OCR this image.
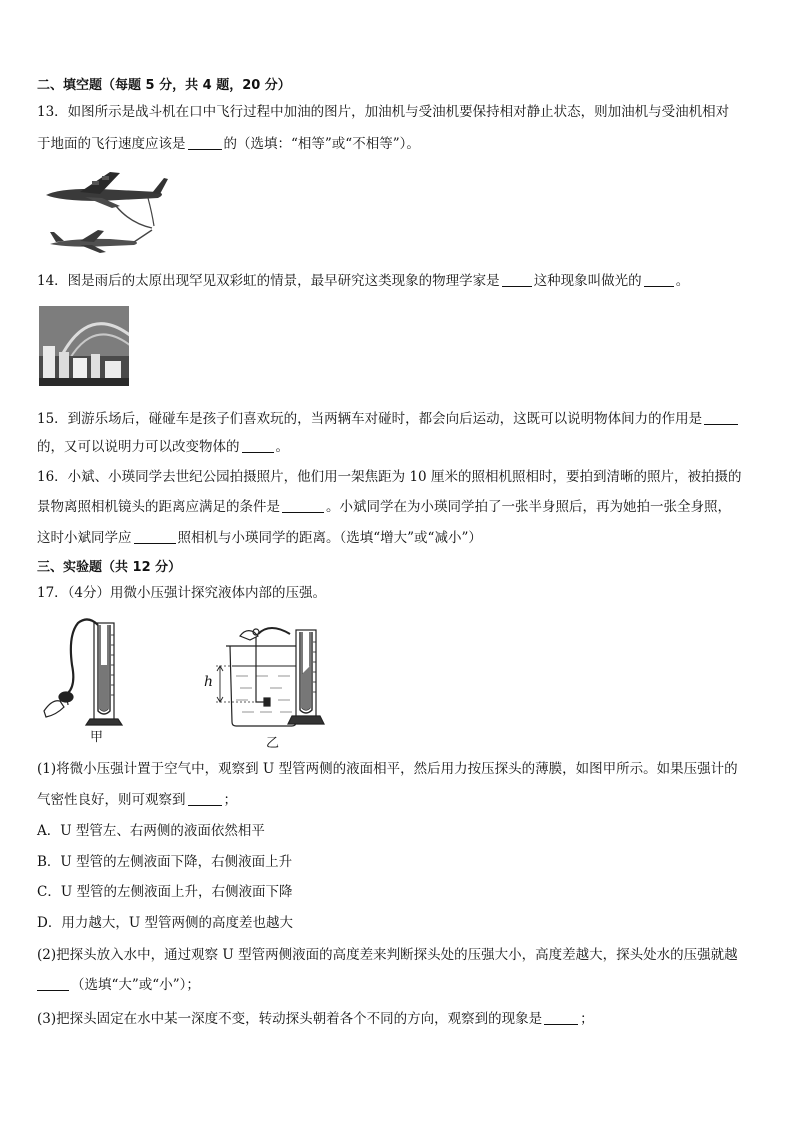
二、填空题（每题 5 分，共 4 题，20 分）
13．如图所示是战斗机在口中飞行过程中加油的图片，加油机与受油机要保持相对静止状态，则加油机与受油机相对
于地面的飞行速度应该是	的（选填：“相等”或“不相等”）。
14．图是雨后的太原出现罕见双彩虹的情景，最早研究这类现象的物理学家是	这种现象叫做光的	。
15．到游乐场后，碰碰车是孩子们喜欢玩的，当两辆车对碰时，都会向后运动，这既可以说明物体间力的作用是
的，又可以说明力可以改变物体的	。
16．小斌、小瑛同学去世纪公园拍摄照片，他们用一架焦距为 10 厘米的照相机照相时，要拍到清晰的照片，被拍摄的
景物离照相机镜头的距离应满足的条件是	。小斌同学在为小瑛同学拍了一张半身照后，再为她拍一张全身照，
这时小斌同学应	照相机与小瑛同学的距离。（选填“增大”或“减小”）
三、实验题（共 12 分）
17．（4分）用微小压强计探究液体内部的压强。
甲
h
乙
(1)将微小压强计置于空气中，观察到 U 型管两侧的液面相平，然后用力按压探头的薄膜，如图甲所示。如果压强计的
气密性良好，则可观察到	；
A．U 型管左、右两侧的液面依然相平
B．U 型管的左侧液面下降，右侧液面上升
C．U 型管的左侧液面上升，右侧液面下降
D．用力越大，U 型管两侧的高度差也越大
(2)把探头放入水中，通过观察 U 型管两侧液面的高度差来判断探头处的压强大小，高度差越大，探头处水的压强就越
（选填“大”或“小”）；
(3)把探头固定在水中某一深度不变，转动探头朝着各个不同的方向，观察到的现象是	；
